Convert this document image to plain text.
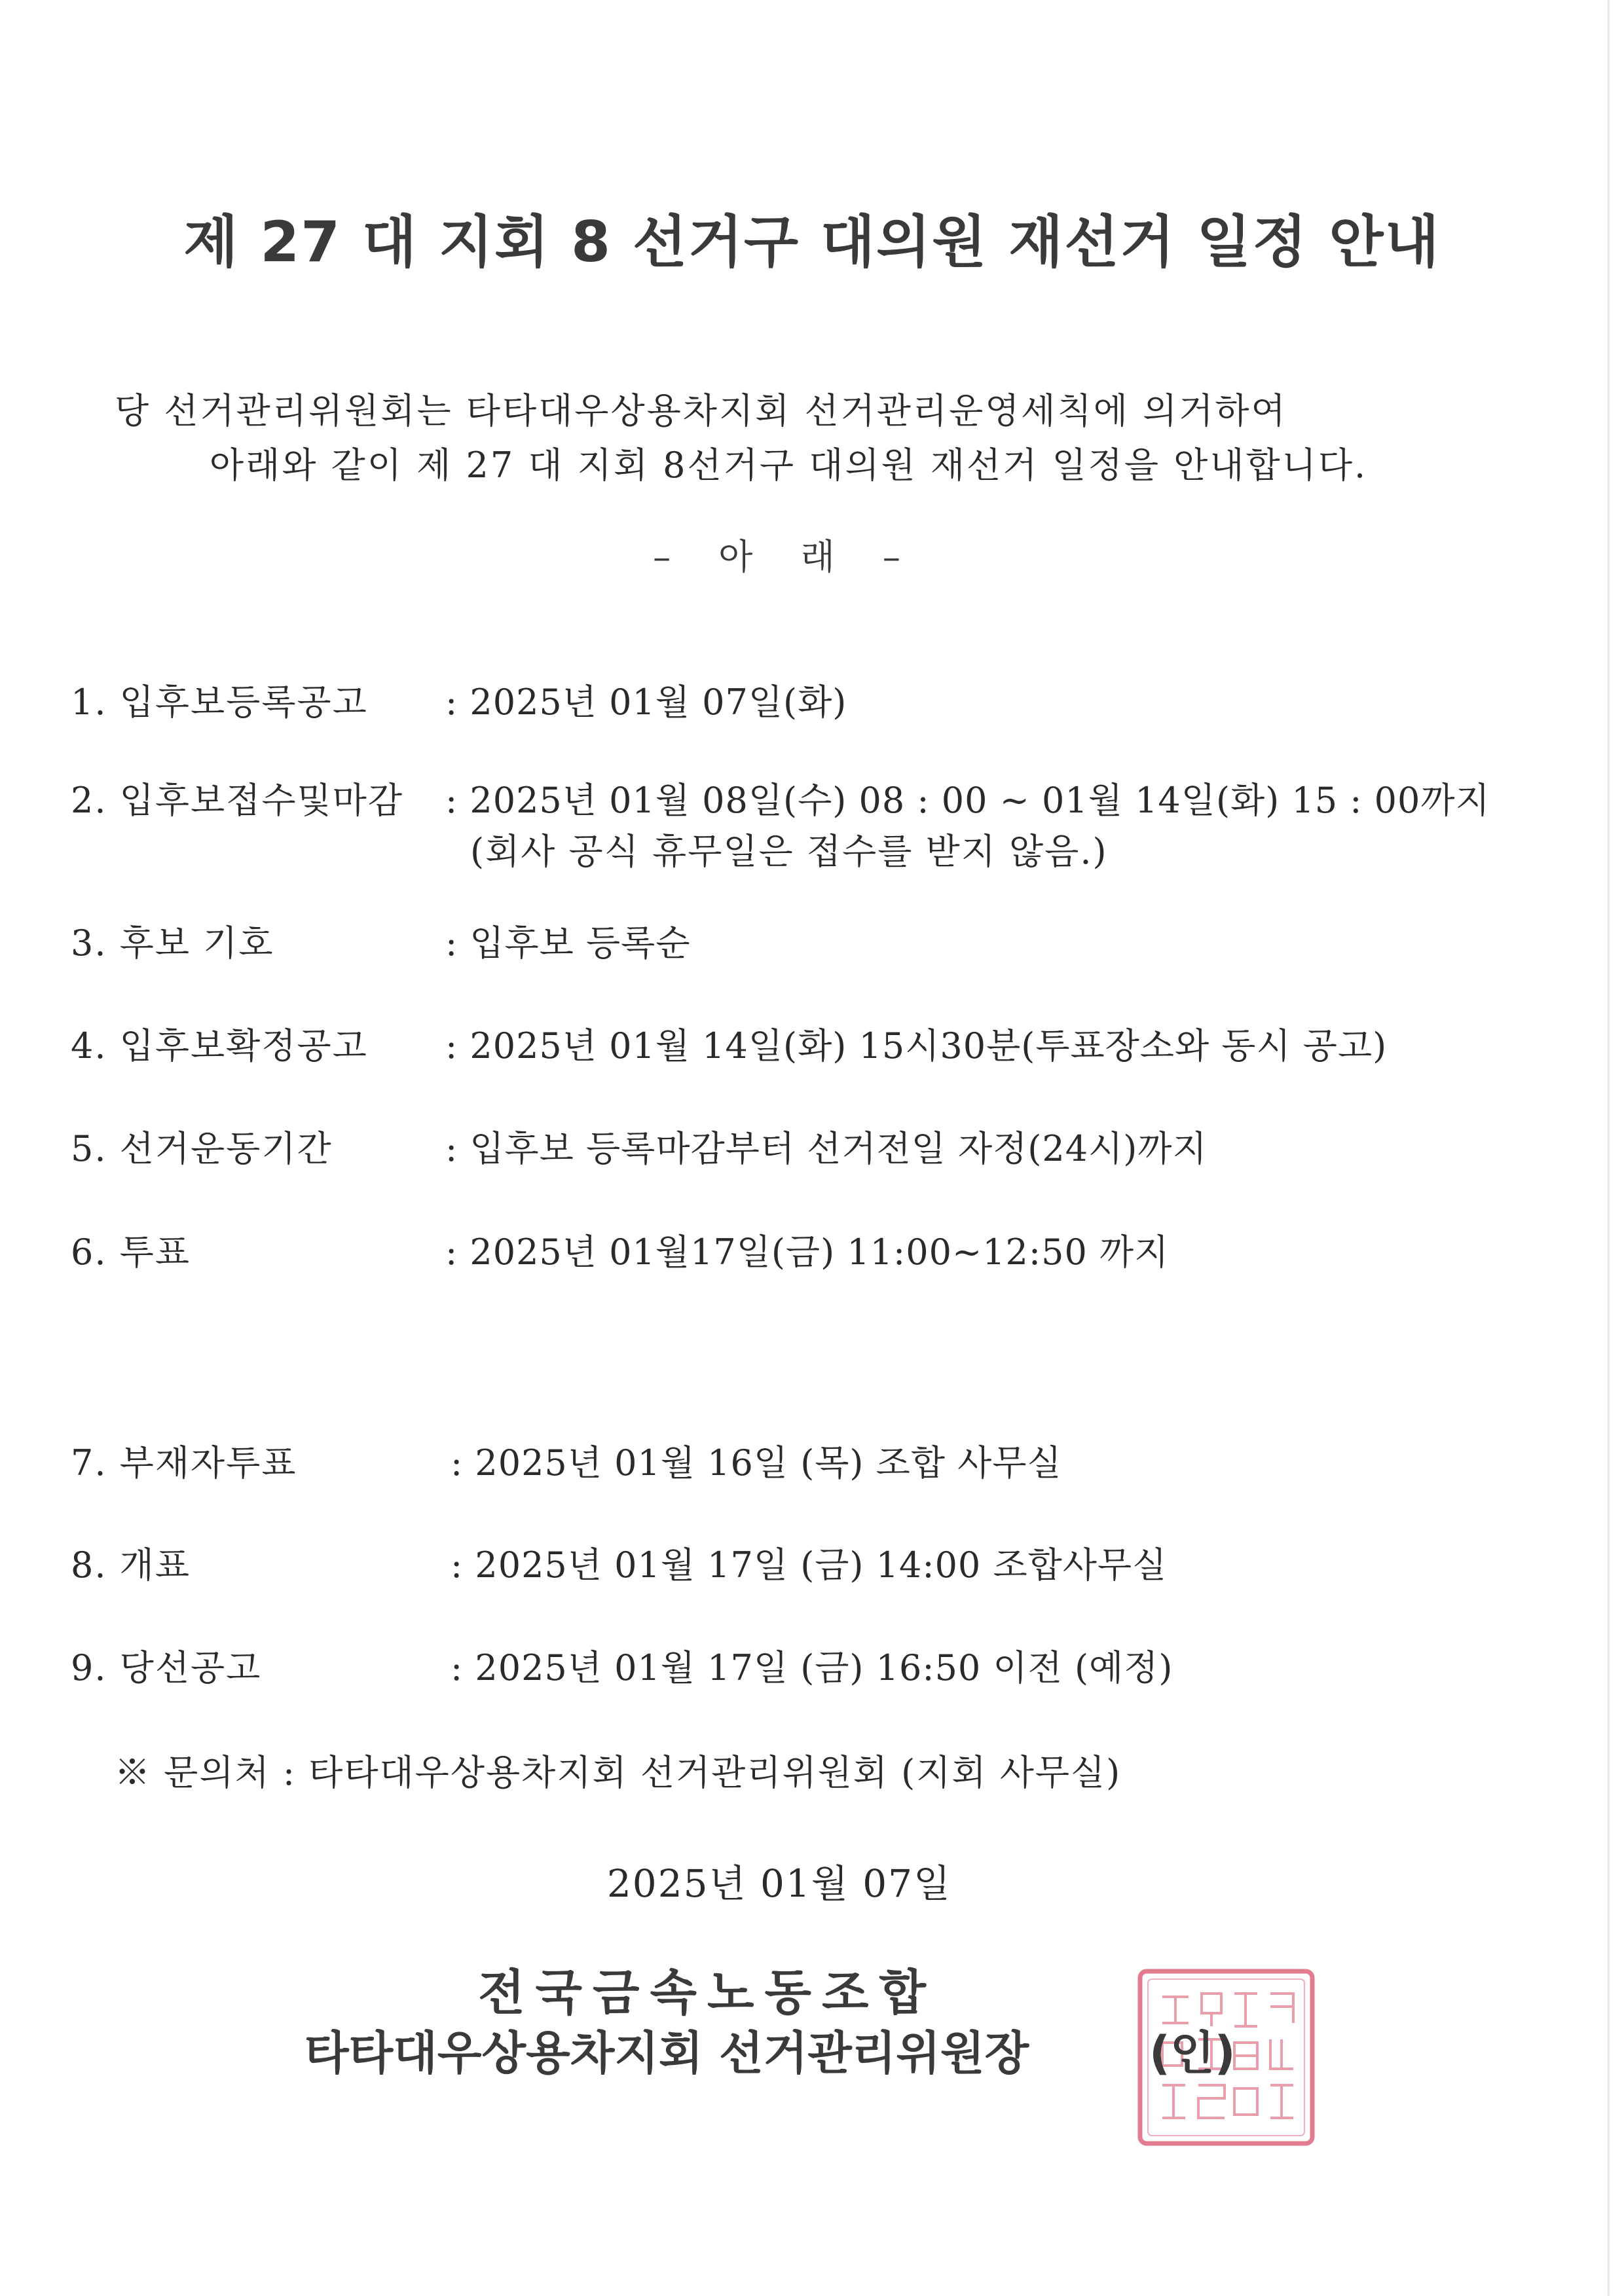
제 27 대 지회 8 선거구 대의원 재선거 일정 안내
당 선거관리위원회는 타타대우상용차지회 선거관리운영세칙에 의거하여
아래와 같이 제 27 대 지회 8선거구 대의원 재선거 일정을 안내합니다.
– 아 래 –
1. 입후보등록공고 : 2025년 01월 07일(화)
2. 입후보접수및마감 : 2025년 01월 08일(수) 08 : 00 ~ 01월 14일(화) 15 : 00까지
(회사 공식 휴무일은 접수를 받지 않음.)
3. 후보 기호	: 입후보 등록순
4. 입후보확정공고 : 2025년 01월 14일(화) 15시30분(투표장소와 동시 공고)
5. 선거운동기간	: 입후보 등록마감부터 선거전일 자정(24시)까지
6. 투표	: 2025년 01월17일(금) 11:00~12:50 까지
7. 부재자투표	: 2025년 01월 16일 (목) 조합 사무실
8. 개표	: 2025년 01월 17일 (금) 14:00 조합사무실
9. 당선공고	: 2025년 01월 17일 (금) 16:50 이전 (예정)
※ 문의처 : 타타대우상용차지회 선거관리위원회 (지회 사무실)
2025년 01월 07일
전국금속노동조합
타타대우상용차지회 선거관리위원장	(인)
